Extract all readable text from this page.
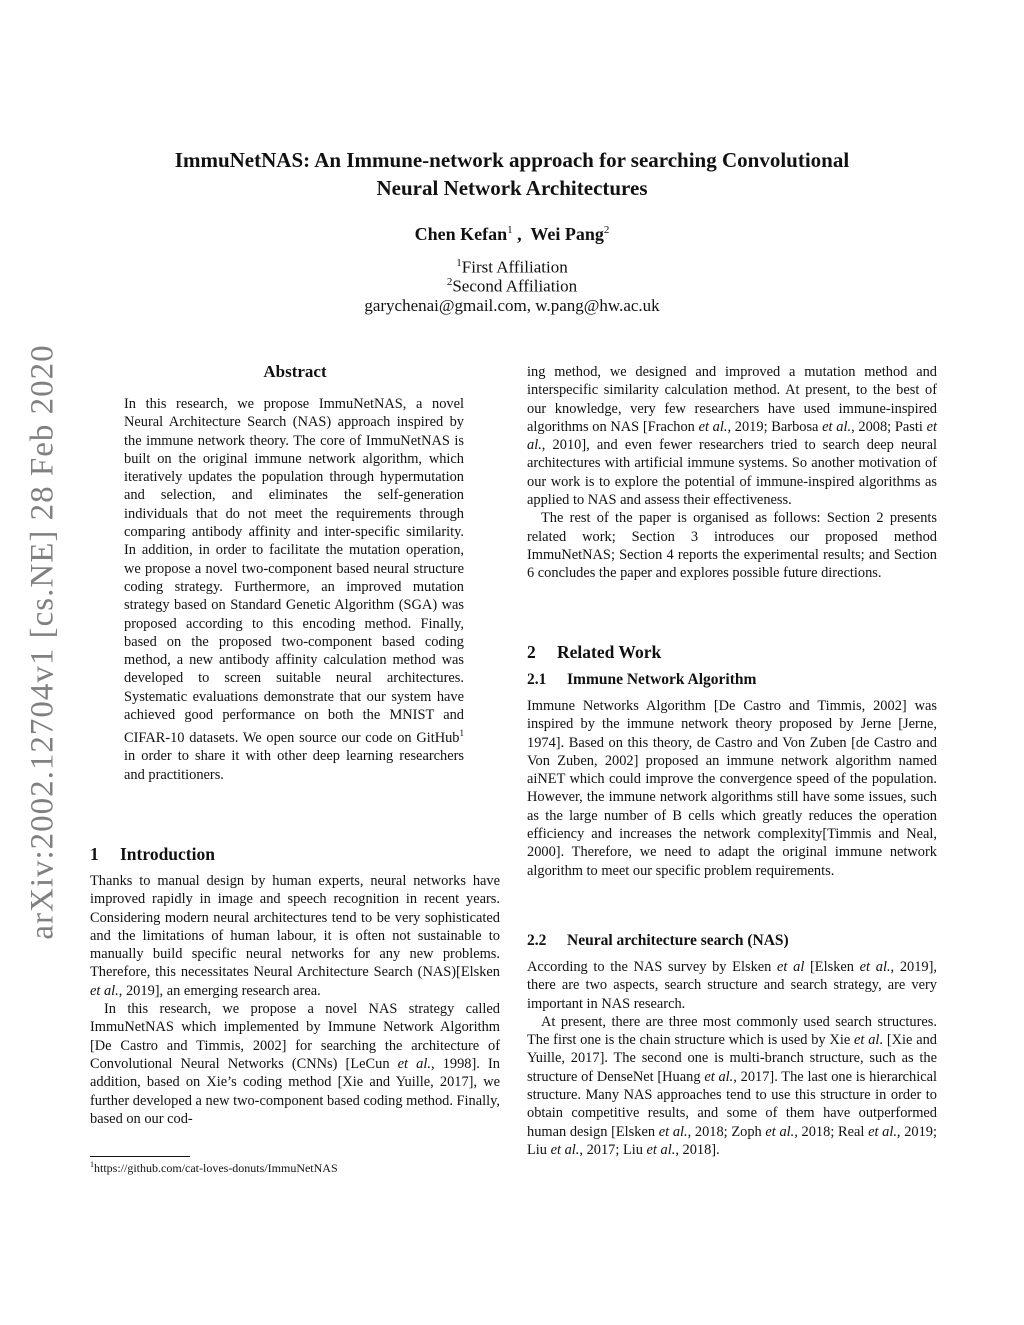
arXiv:2002.12704v1 [cs.NE] 28 Feb 2020
ImmuNetNAS: An Immune-network approach for searching Convolutional
Neural Network Architectures
Chen Kefan$^1$ ,  Wei Pang$^2$
$^1$First Affiliation
$^2$Second Affiliation
garychenai@gmail.com, w.pang@hw.ac.uk
Abstract

In this research, we propose ImmuNetNAS, a novel Neural Architecture Search (NAS) approach inspired by the immune network theory. The core of ImmuNetNAS is built on the original immune network algorithm, which iteratively updates the population through hypermutation and selection, and eliminates the self-generation individuals that do not meet the requirements through comparing antibody affinity and inter-specific similarity. In addition, in order to facilitate the mutation operation, we propose a novel two-component based neural structure coding strategy. Furthermore, an improved mutation strategy based on Standard Genetic Algorithm (SGA) was proposed according to this encoding method. Finally, based on the proposed two-component based coding method, a new antibody affinity calculation method was developed to screen suitable neural architectures. Systematic evaluations demonstrate that our system have achieved good performance on both the MNIST and CIFAR-10 datasets. We open source our code on GitHub$^1$ in order to share it with other deep learning researchers and practitioners.

1 Introduction

Thanks to manual design by human experts, neural networks have improved rapidly in image and speech recognition in recent years. Considering modern neural architectures tend to be very sophisticated and the limitations of human labour, it is often not sustainable to manually build specific neural networks for any new problems. Therefore, this necessitates Neural Architecture Search (NAS)[Elsken et al., 2019], an emerging research area.

In this research, we propose a novel NAS strategy called ImmuNetNAS which implemented by Immune Network Algorithm [De Castro and Timmis, 2002] for searching the architecture of Convolutional Neural Networks (CNNs) [LeCun et al., 1998]. In addition, based on Xie’s coding method [Xie and Yuille, 2017], we further developed a new two-component based coding method. Finally, based on our cod-

$^1$https://github.com/cat-loves-donuts/ImmuNetNAS

ing method, we designed and improved a mutation method and interspecific similarity calculation method. At present, to the best of our knowledge, very few researchers have used immune-inspired algorithms on NAS [Frachon et al., 2019; Barbosa et al., 2008; Pasti et al., 2010], and even fewer researchers tried to search deep neural architectures with artificial immune systems. So another motivation of our work is to explore the potential of immune-inspired algorithms as applied to NAS and assess their effectiveness.

The rest of the paper is organised as follows: Section 2 presents related work; Section 3 introduces our proposed method ImmuNetNAS; Section 4 reports the experimental results; and Section 6 concludes the paper and explores possible future directions.

2 Related Work
2.1 Immune Network Algorithm

Immune Networks Algorithm [De Castro and Timmis, 2002] was inspired by the immune network theory proposed by Jerne [Jerne, 1974]. Based on this theory, de Castro and Von Zuben [de Castro and Von Zuben, 2002] proposed an immune network algorithm named aiNET which could improve the convergence speed of the population. However, the immune network algorithms still have some issues, such as the large number of B cells which greatly reduces the operation efficiency and increases the network complexity[Timmis and Neal, 2000]. Therefore, we need to adapt the original immune network algorithm to meet our specific problem requirements.

2.2 Neural architecture search (NAS)

According to the NAS survey by Elsken et al [Elsken et al., 2019], there are two aspects, search structure and search strategy, are very important in NAS research.

At present, there are three most commonly used search structures. The first one is the chain structure which is used by Xie et al. [Xie and Yuille, 2017]. The second one is multi-branch structure, such as the structure of DenseNet [Huang et al., 2017]. The last one is hierarchical structure. Many NAS approaches tend to use this structure in order to obtain competitive results, and some of them have outperformed human design [Elsken et al., 2018; Zoph et al., 2018; Real et al., 2019; Liu et al., 2017; Liu et al., 2018].
